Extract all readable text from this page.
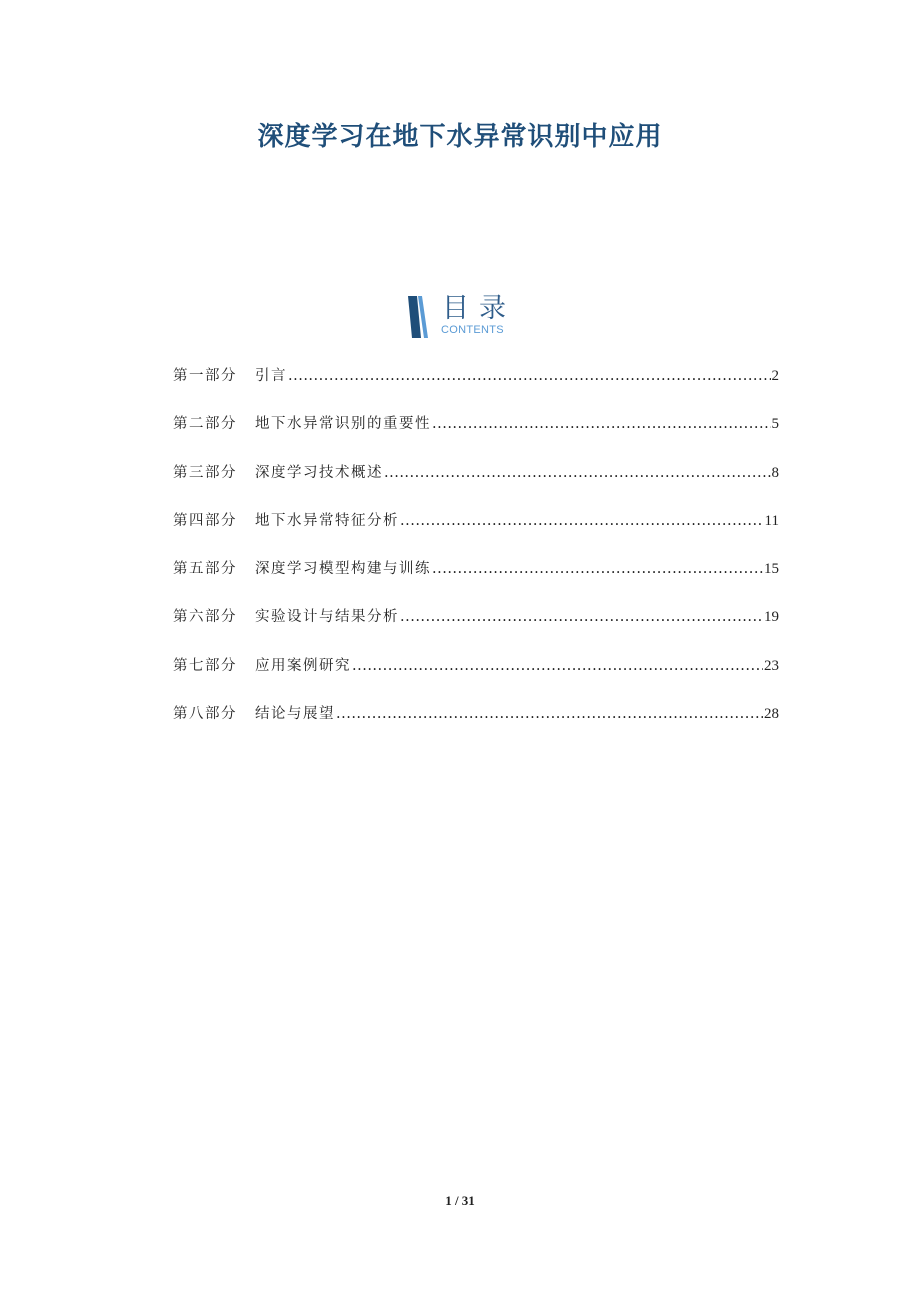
深度学习在地下水异常识别中应用
目录
CONTENTS
第一部分	引言 .....	2
第二部分	地下水异常识别的重要性 .....	5
第三部分	深度学习技术概述 .....	8
第四部分	地下水异常特征分析 .....	11
第五部分	深度学习模型构建与训练 .....	15
第六部分	实验设计与结果分析 .....	19
第七部分	应用案例研究 .....	23
第八部分	结论与展望 .....	28
1 / 31
